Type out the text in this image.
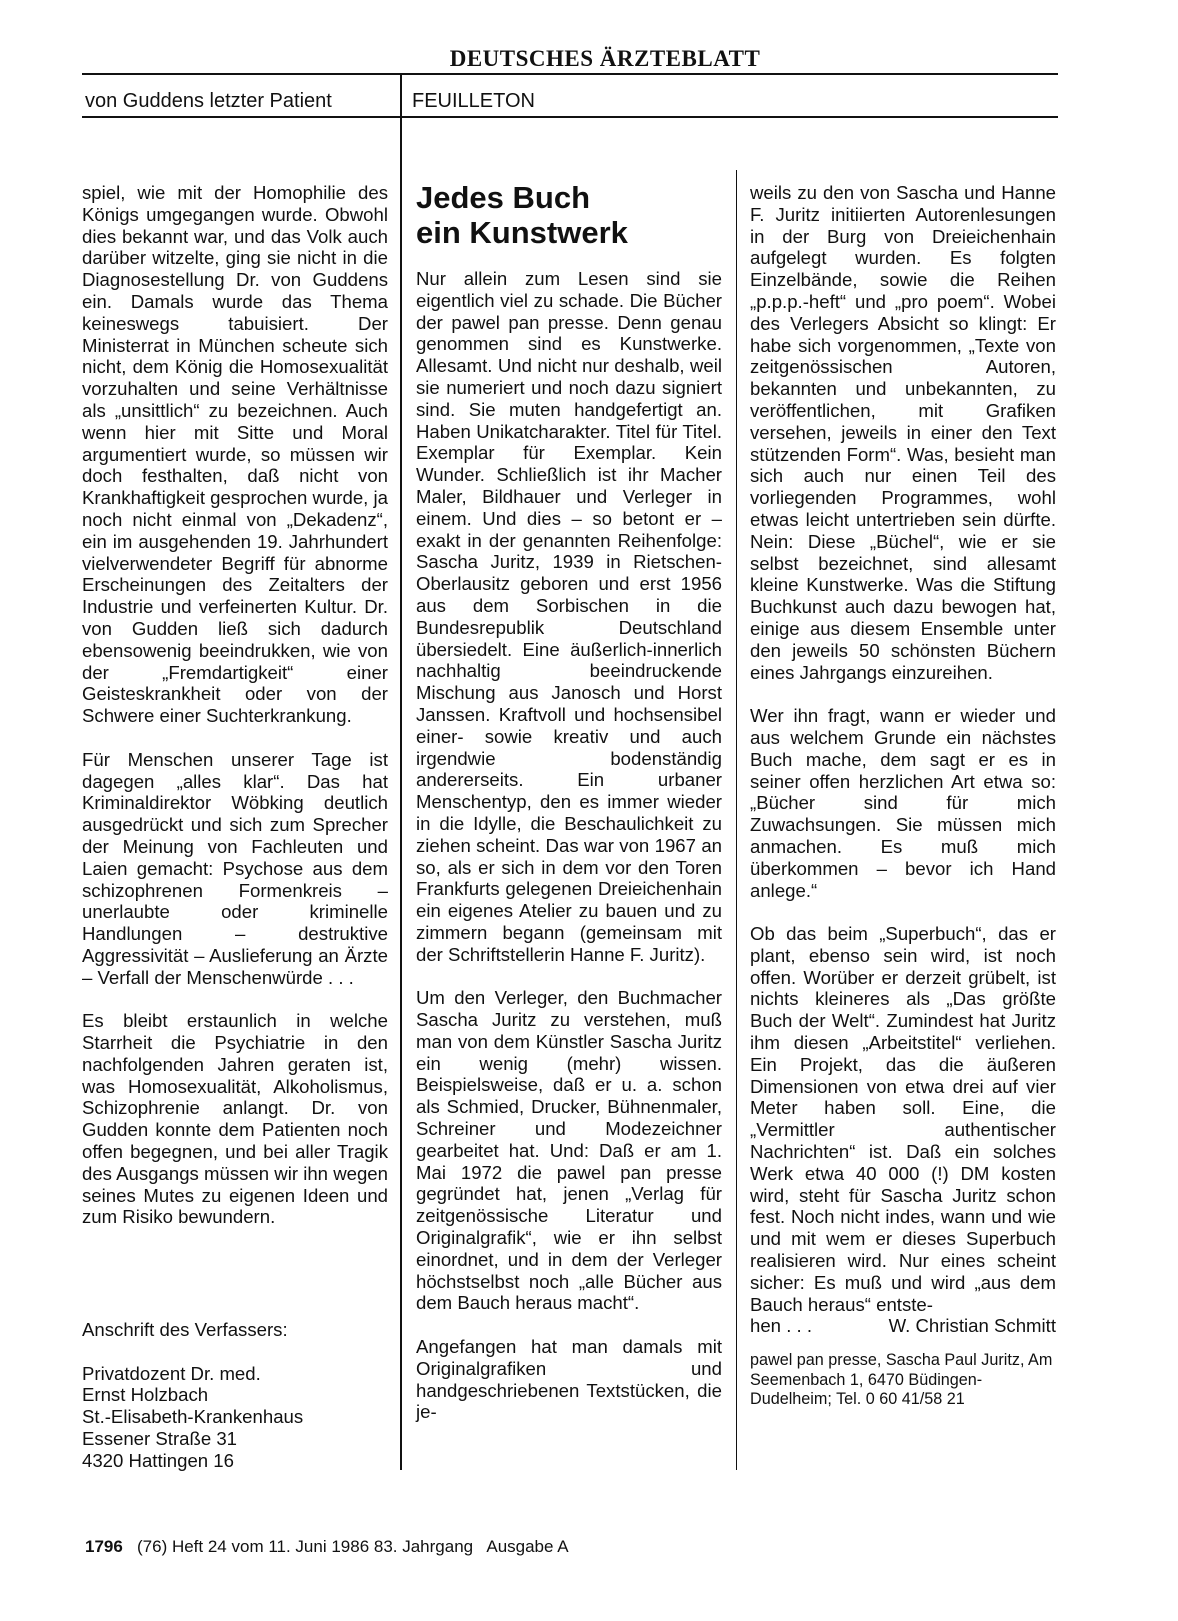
DEUTSCHES ÄRZTEBLATT
von Guddens letzter Patient	FEUILLETON

spiel, wie mit der Homophilie des Königs umgegangen wurde. Obwohl dies bekannt war, und das Volk auch darüber witzelte, ging sie nicht in die Diagnosestellung Dr. von Guddens ein. Damals wurde das Thema keineswegs tabuisiert. Der Ministerrat in München scheute sich nicht, dem König die Homosexualität vorzuhalten und seine Verhältnisse als „unsittlich“ zu bezeichnen. Auch wenn hier mit Sitte und Moral argumentiert wurde, so müssen wir doch festhalten, daß nicht von Krankhaftigkeit gesprochen wurde, ja noch nicht einmal von „Dekadenz“, ein im ausgehenden 19. Jahrhundert vielverwendeter Begriff für abnorme Erscheinungen des Zeitalters der Industrie und verfeinerten Kultur. Dr. von Gudden ließ sich dadurch ebensowenig beeindrukken, wie von der „Fremdartigkeit“ einer Geisteskrankheit oder von der Schwere einer Suchterkrankung.

Für Menschen unserer Tage ist dagegen „alles klar“. Das hat Kriminaldirektor Wöbking deutlich ausgedrückt und sich zum Sprecher der Meinung von Fachleuten und Laien gemacht: Psychose aus dem schizophrenen Formenkreis – unerlaubte oder kriminelle Handlungen – destruktive Aggressivität – Auslieferung an Ärzte – Verfall der Menschenwürde . . .

Es bleibt erstaunlich in welche Starrheit die Psychiatrie in den nachfolgenden Jahren geraten ist, was Homosexualität, Alkoholismus, Schizophrenie anlangt. Dr. von Gudden konnte dem Patienten noch offen begegnen, und bei aller Tragik des Ausgangs müssen wir ihn wegen seines Mutes zu eigenen Ideen und zum Risiko bewundern.

Anschrift des Verfassers:
Privatdozent Dr. med.
Ernst Holzbach
St.-Elisabeth-Krankenhaus
Essener Straße 31
4320 Hattingen 16
Jedes Buch
ein Kunstwerk

Nur allein zum Lesen sind sie eigentlich viel zu schade. Die Bücher der pawel pan presse. Denn genau genommen sind es Kunstwerke. Allesamt. Und nicht nur deshalb, weil sie numeriert und noch dazu signiert sind. Sie muten handgefertigt an. Haben Unikatcharakter. Titel für Titel. Exemplar für Exemplar. Kein Wunder. Schließlich ist ihr Macher Maler, Bildhauer und Verleger in einem. Und dies – so betont er – exakt in der genannten Reihenfolge: Sascha Juritz, 1939 in Rietschen-Oberlausitz geboren und erst 1956 aus dem Sorbischen in die Bundesrepublik Deutschland übersiedelt. Eine äußerlich-innerlich nachhaltig beeindruckende Mischung aus Janosch und Horst Janssen. Kraftvoll und hochsensibel einer- sowie kreativ und auch irgendwie bodenständig andererseits. Ein urbaner Menschentyp, den es immer wieder in die Idylle, die Beschaulichkeit zu ziehen scheint. Das war von 1967 an so, als er sich in dem vor den Toren Frankfurts gelegenen Dreieichenhain ein eigenes Atelier zu bauen und zu zimmern begann (gemeinsam mit der Schriftstellerin Hanne F. Juritz).

Um den Verleger, den Buchmacher Sascha Juritz zu verstehen, muß man von dem Künstler Sascha Juritz ein wenig (mehr) wissen. Beispielsweise, daß er u. a. schon als Schmied, Drucker, Bühnenmaler, Schreiner und Modezeichner gearbeitet hat. Und: Daß er am 1. Mai 1972 die pawel pan presse gegründet hat, jenen „Verlag für zeitgenössische Literatur und Originalgrafik“, wie er ihn selbst einordnet, und in dem der Verleger höchstselbst noch „alle Bücher aus dem Bauch heraus macht“.

Angefangen hat man damals mit Originalgrafiken und handgeschriebenen Textstücken, die je-

weils zu den von Sascha und Hanne F. Juritz initiierten Autorenlesungen in der Burg von Dreieichenhain aufgelegt wurden. Es folgten Einzelbände, sowie die Reihen „p.p.p.-heft“ und „pro poem“. Wobei des Verlegers Absicht so klingt: Er habe sich vorgenommen, „Texte von zeitgenössischen Autoren, bekannten und unbekannten, zu veröffentlichen, mit Grafiken versehen, jeweils in einer den Text stützenden Form“. Was, besieht man sich auch nur einen Teil des vorliegenden Programmes, wohl etwas leicht untertrieben sein dürfte. Nein: Diese „Büchel“, wie er sie selbst bezeichnet, sind allesamt kleine Kunstwerke. Was die Stiftung Buchkunst auch dazu bewogen hat, einige aus diesem Ensemble unter den jeweils 50 schönsten Büchern eines Jahrgangs einzureihen.

Wer ihn fragt, wann er wieder und aus welchem Grunde ein nächstes Buch mache, dem sagt er es in seiner offen herzlichen Art etwa so: „Bücher sind für mich Zuwachsungen. Sie müssen mich anmachen. Es muß mich überkommen – bevor ich Hand anlege.“

Ob das beim „Superbuch“, das er plant, ebenso sein wird, ist noch offen. Worüber er derzeit grübelt, ist nichts kleineres als „Das größte Buch der Welt“. Zumindest hat Juritz ihm diesen „Arbeitstitel“ verliehen. Ein Projekt, das die äußeren Dimensionen von etwa drei auf vier Meter haben soll. Eine, die „Vermittler authentischer Nachrichten“ ist. Daß ein solches Werk etwa 40 000 (!) DM kosten wird, steht für Sascha Juritz schon fest. Noch nicht indes, wann und wie und mit wem er dieses Superbuch realisieren wird. Nur eines scheint sicher: Es muß und wird „aus dem Bauch heraus“ entste-
hen . . .	W. Christian Schmitt

pawel pan presse, Sascha Paul Juritz, Am Seemenbach 1, 6470 Büdingen-Dudelheim; Tel. 0 60 41/58 21
1796 (76) Heft 24 vom 11. Juni 1986 83. Jahrgang Ausgabe A
